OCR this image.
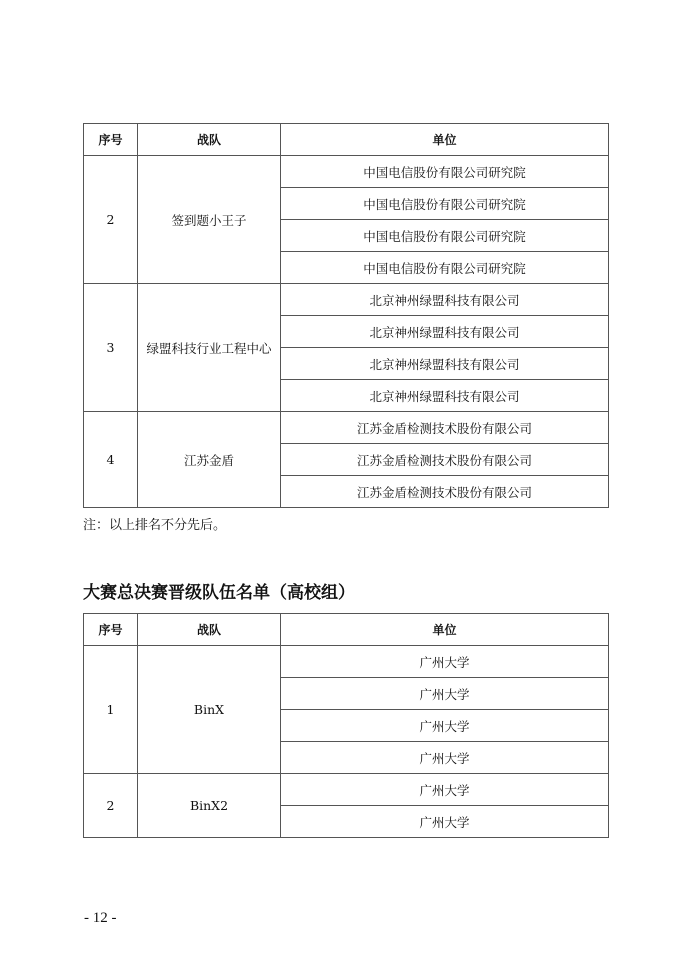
序号	战队	单位
2	签到题小王子	中国电信股份有限公司研究院
		中国电信股份有限公司研究院
		中国电信股份有限公司研究院
		中国电信股份有限公司研究院
3	绿盟科技行业工程中心	北京神州绿盟科技有限公司
		北京神州绿盟科技有限公司
		北京神州绿盟科技有限公司
		北京神州绿盟科技有限公司
4	江苏金盾	江苏金盾检测技术股份有限公司
		江苏金盾检测技术股份有限公司
		江苏金盾检测技术股份有限公司
注：以上排名不分先后。
大赛总决赛晋级队伍名单（高校组）
序号	战队	单位
1	BinX	广州大学
		广州大学
		广州大学
		广州大学
2	BinX2	广州大学
		广州大学
- 12 -
